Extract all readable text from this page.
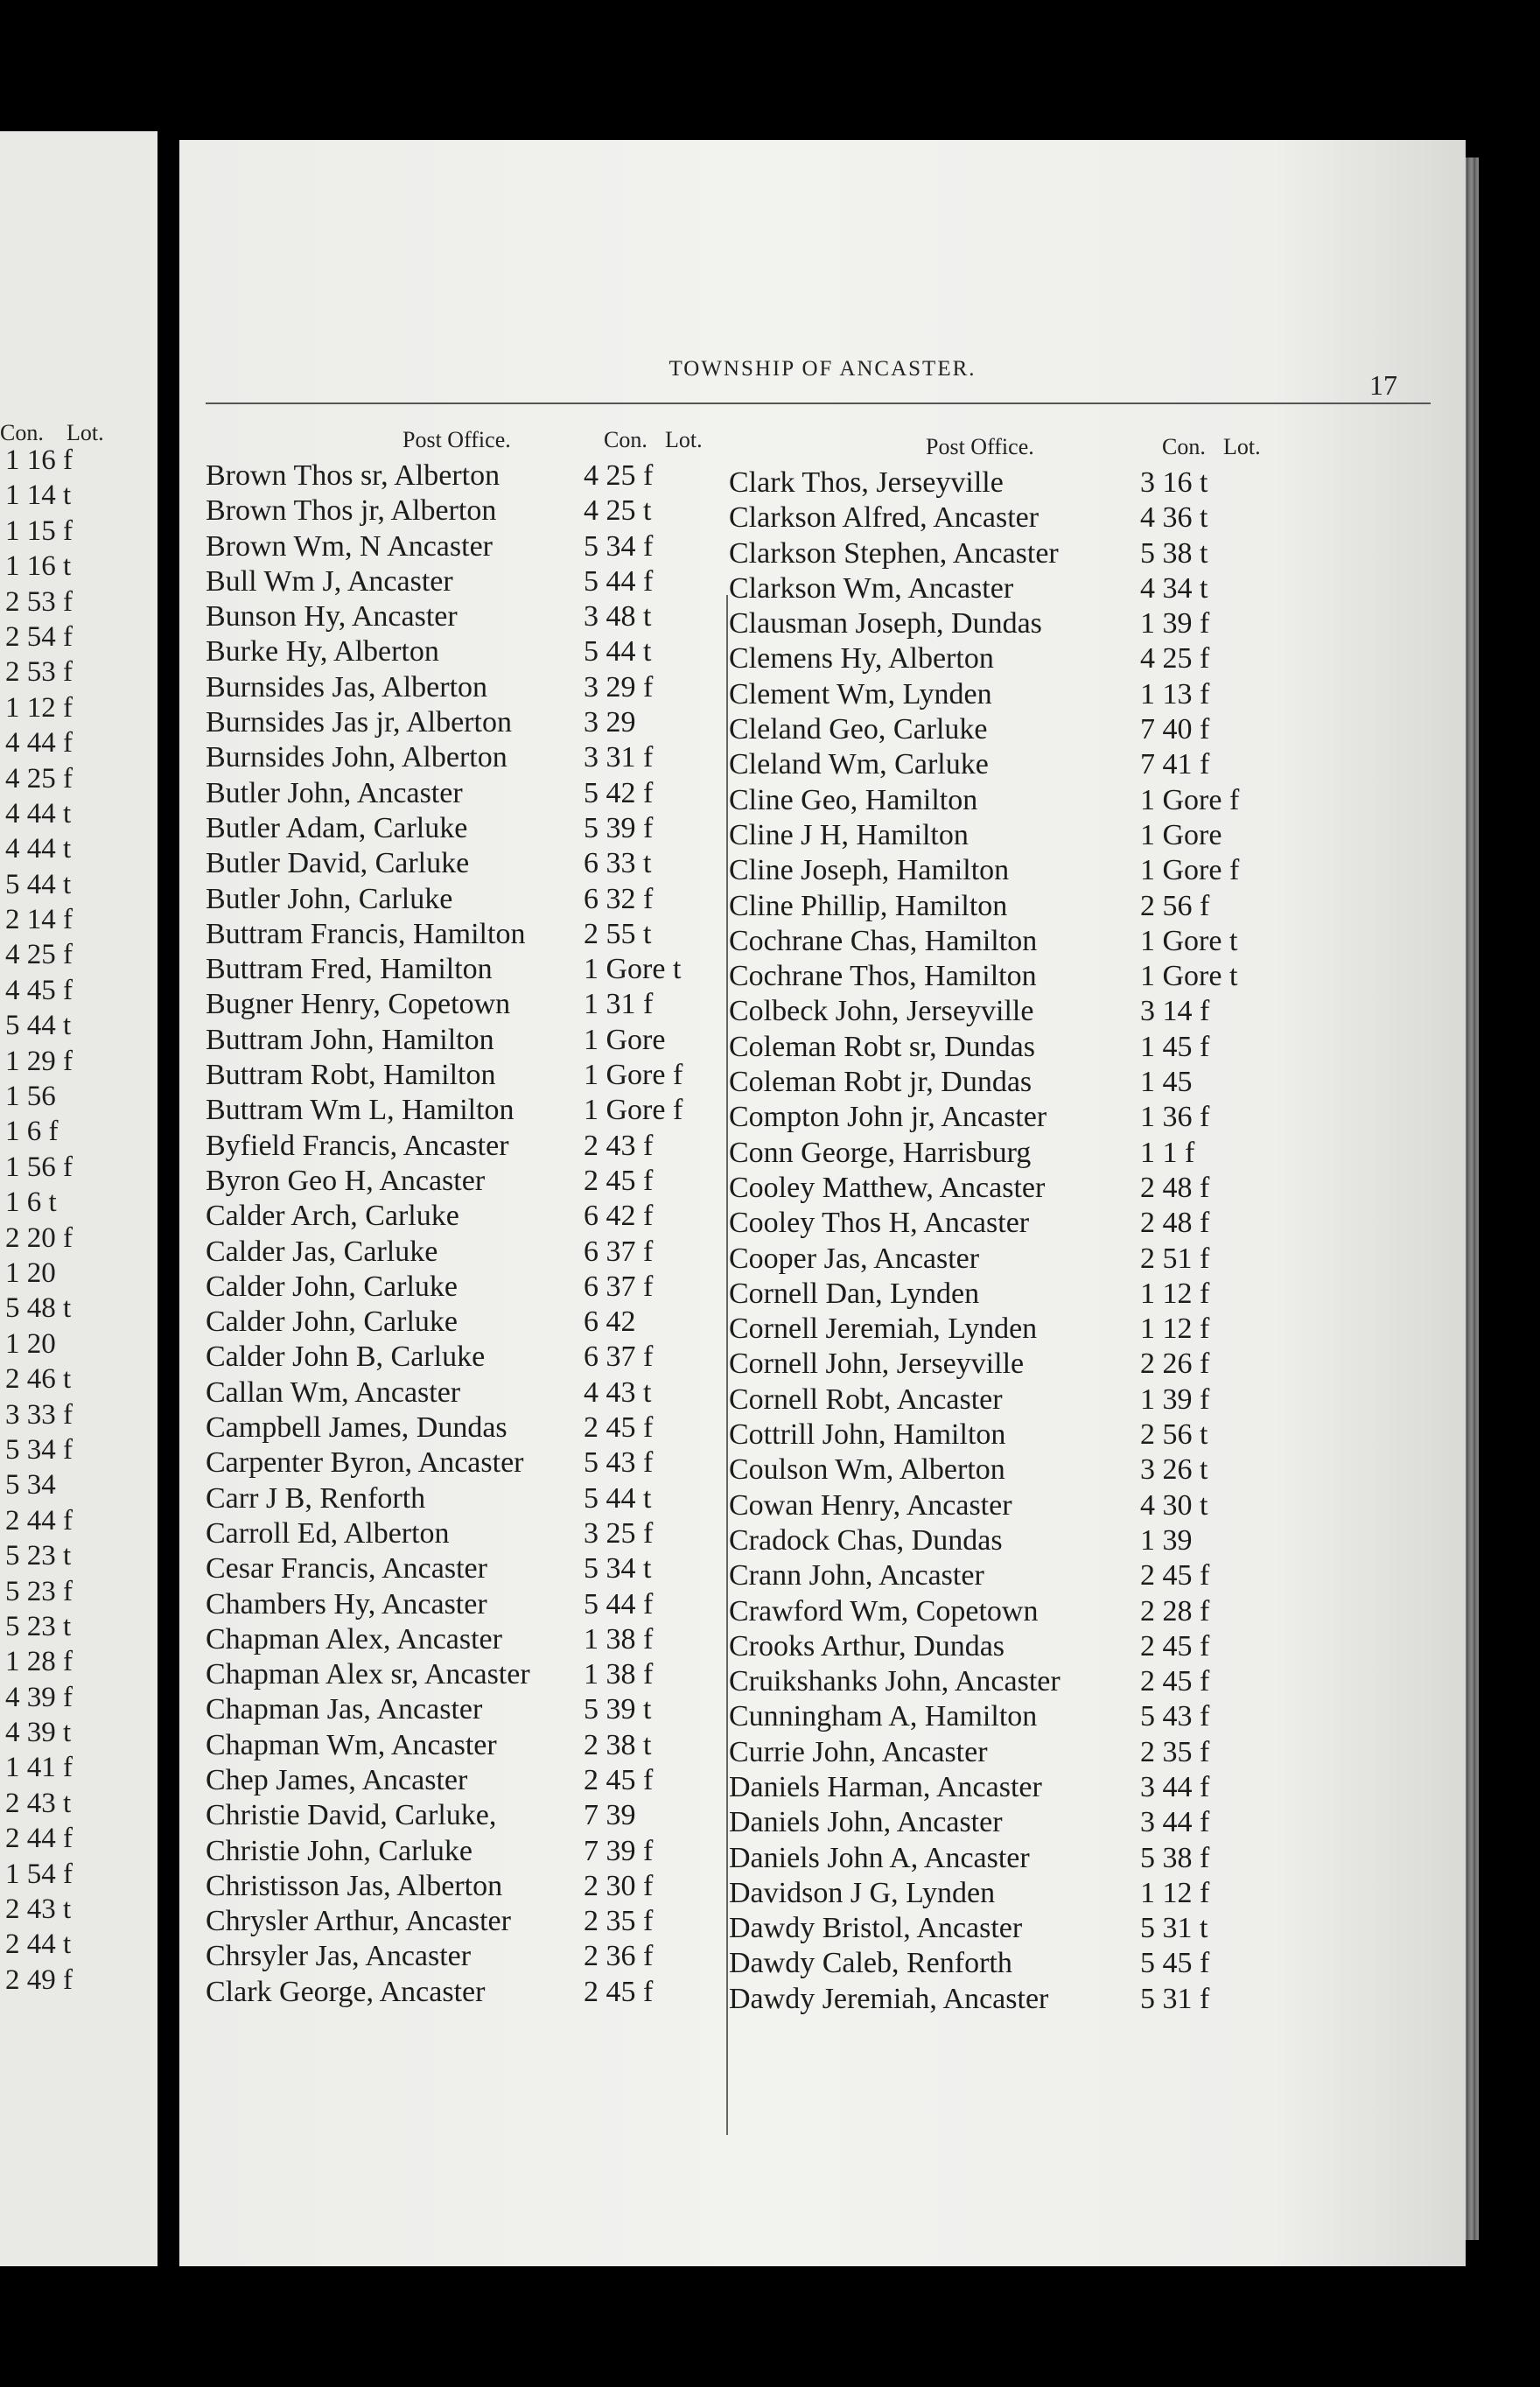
Con. Lot.
1 16 f
1 14 t
1 15 f
1 16 t
2 53 f
2 54 f
2 53 f
1 12 f
4 44 f
4 25 f
4 44 t
4 44 t
5 44 t
2 14 f
4 25 f
4 45 f
5 44 t
1 29 f
1 56
1 6 f
1 56 f
1 6 t
2 20 f
1 20
5 48 t
1 20
2 46 t
3 33 f
5 34 f
5 34
2 44 f
5 23 t
5 23 f
5 23 t
1 28 f
4 39 f
4 39 t
1 41 f
2 43 t
2 44 f
1 54 f
2 43 t
2 44 t
2 49 f
TOWNSHIP OF ANCASTER.
17
Post Office.	Con. Lot.
Brown Thos sr, Alberton	4 25 f
Brown Thos jr, Alberton	4 25 t
Brown Wm, N Ancaster	5 34 f
Bull Wm J, Ancaster	5 44 f
Bunson Hy, Ancaster	3 48 t
Burke Hy, Alberton	5 44 t
Burnsides Jas, Alberton	3 29 f
Burnsides Jas jr, Alberton 3 29
Burnsides John, Alberton	3 31 f
Butler John, Ancaster	5 42 f
Butler Adam, Carluke	5 39 f
Butler David, Carluke	6 33 t
Butler John, Carluke	6 32 f
Buttram Francis, Hamilton 2 55 t
Buttram Fred, Hamilton	1 Gore t
Bugner Henry, Copetown 1 31 f
Buttram John, Hamilton	1 Gore
Buttram Robt, Hamilton	1 Gore f
Buttram Wm L, Hamilton 1 Gore f
Byfield Francis, Ancaster	2 43 f
Byron Geo H, Ancaster	2 45 f
Calder Arch, Carluke	6 42 f
Calder Jas, Carluke	6 37 f
Calder John, Carluke	6 37 f
Calder John, Carluke	6 42
Calder John B, Carluke	6 37 f
Callan Wm, Ancaster	4 43 t
Campbell James, Dundas	2 45 f
Carpenter Byron, Ancaster 5 43 f
Carr J B, Renforth	5 44 t
Carroll Ed, Alberton	3 25 f
Cesar Francis, Ancaster	5 34 t
Chambers Hy, Ancaster	5 44 f
Chapman Alex, Ancaster	1 38 f
Chapman Alex sr, Ancaster 1 38 f
Chapman Jas, Ancaster	5 39 t
Chapman Wm, Ancaster	2 38 t
Chep James, Ancaster	2 45 f
Christie David, Carluke,	7 39
Christie John, Carluke	7 39 f
Christisson Jas, Alberton	2 30 f
Chrysler Arthur, Ancaster 2 35 f
Chrsyler Jas, Ancaster	2 36 f
Clark George, Ancaster	2 45 f
Post Office.	Con. Lot.
Clark Thos, Jerseyville	3 16 t
Clarkson Alfred, Ancaster	4 36 t
Clarkson Stephen, Ancaster	5 38 t
Clarkson Wm, Ancaster	4 34 t
Clausman Joseph, Dundas	1 39 f
Clemens Hy, Alberton	4 25 f
Clement Wm, Lynden	1 13 f
Cleland Geo, Carluke	7 40 f
Cleland Wm, Carluke	7 41 f
Cline Geo, Hamilton	1 Gore f
Cline J H, Hamilton	1 Gore
Cline Joseph, Hamilton	1 Gore f
Cline Phillip, Hamilton	2 56 f
Cochrane Chas, Hamilton	1 Gore t
Cochrane Thos, Hamilton	1 Gore t
Colbeck John, Jerseyville	3 14 f
Coleman Robt sr, Dundas	1 45 f
Coleman Robt jr, Dundas	1 45
Compton John jr, Ancaster	1 36 f
Conn George, Harrisburg	1 1 f
Cooley Matthew, Ancaster	2 48 f
Cooley Thos H, Ancaster	2 48 f
Cooper Jas, Ancaster	2 51 f
Cornell Dan, Lynden	1 12 f
Cornell Jeremiah, Lynden	1 12 f
Cornell John, Jerseyville	2 26 f
Cornell Robt, Ancaster	1 39 f
Cottrill John, Hamilton	2 56 t
Coulson Wm, Alberton	3 26 t
Cowan Henry, Ancaster	4 30 t
Cradock Chas, Dundas	1 39
Crann John, Ancaster	2 45 f
Crawford Wm, Copetown	2 28 f
Crooks Arthur, Dundas	2 45 f
Cruikshanks John, Ancaster	2 45 f
Cunningham A, Hamilton	5 43 f
Currie John, Ancaster	2 35 f
Daniels Harman, Ancaster	3 44 f
Daniels John, Ancaster	3 44 f
Daniels John A, Ancaster	5 38 f
Davidson J G, Lynden	1 12 f
Dawdy Bristol, Ancaster	5 31 t
Dawdy Caleb, Renforth	5 45 f
Dawdy Jeremiah, Ancaster	5 31 f
